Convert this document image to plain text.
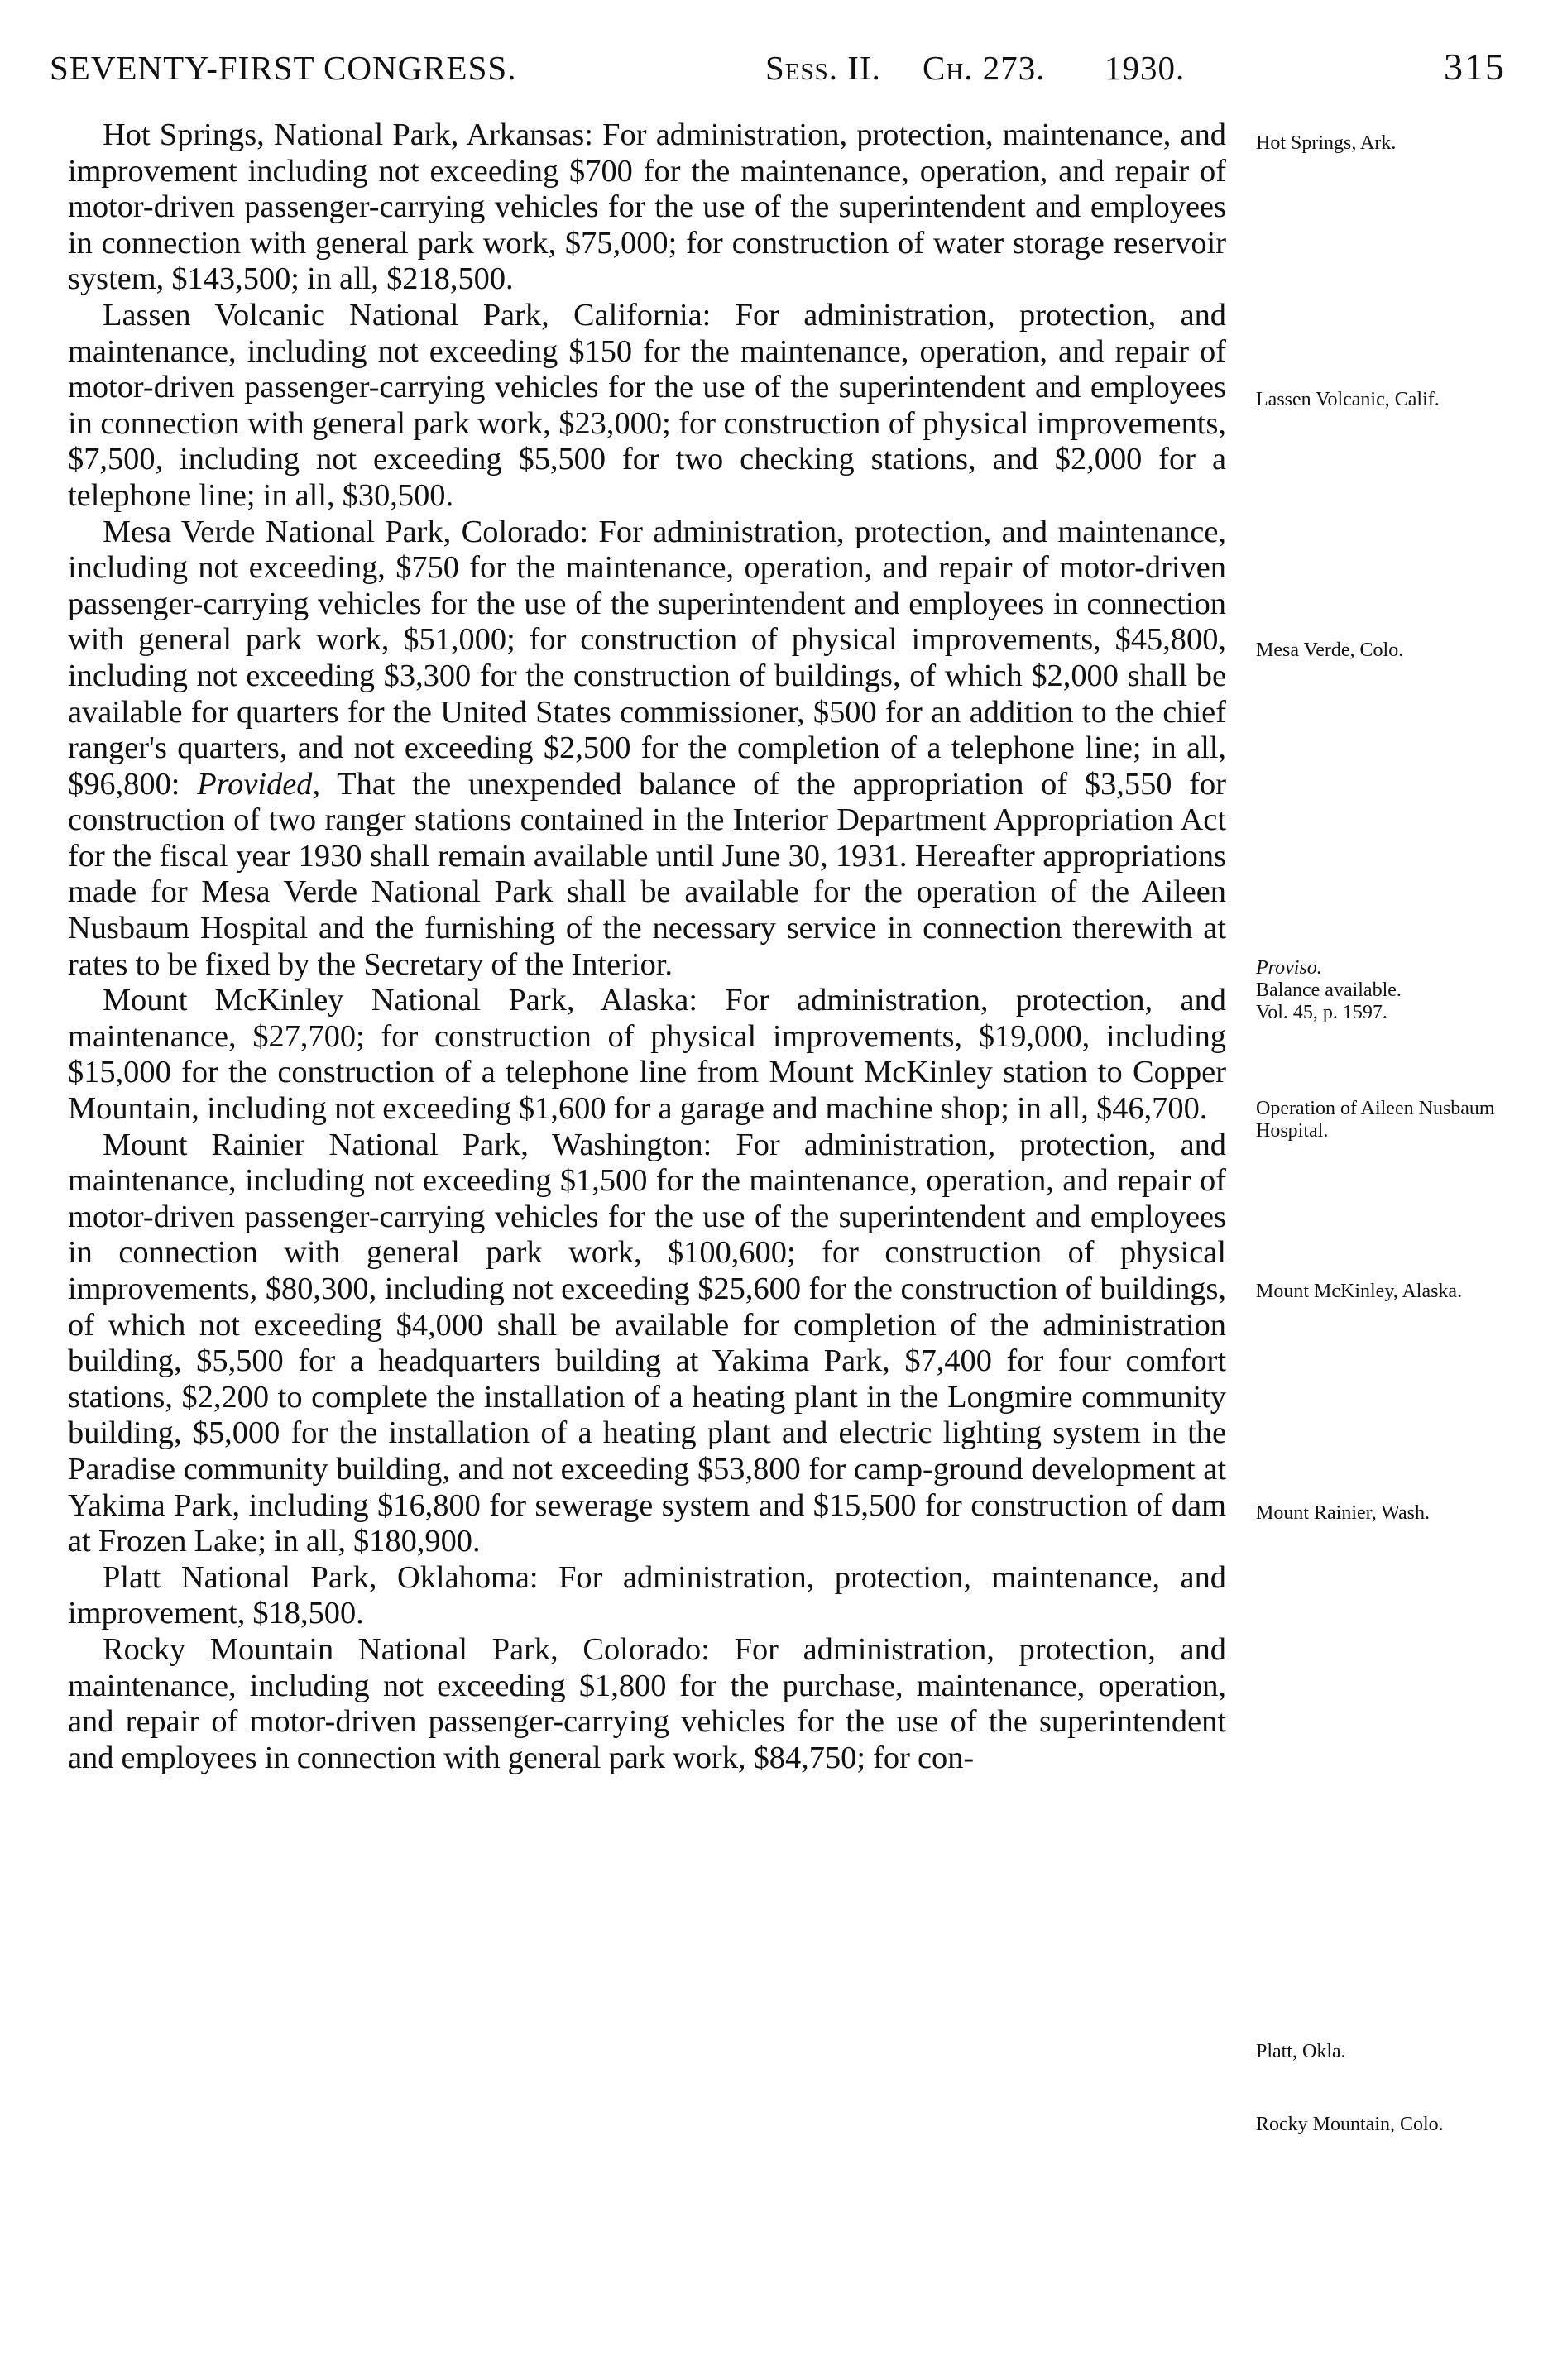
SEVENTY-FIRST CONGRESS.	Sess. II. Ch. 273. 1930.	315

Hot Springs, National Park, Arkansas: For administration, protection, maintenance, and improvement including not exceeding $700 for the maintenance, operation, and repair of motor-driven passenger-carrying vehicles for the use of the superintendent and employees in connection with general park work, $75,000; for construction of water storage reservoir system, $143,500; in all, $218,500.

Lassen Volcanic National Park, California: For administration, protection, and maintenance, including not exceeding $150 for the maintenance, operation, and repair of motor-driven passenger-carrying vehicles for the use of the superintendent and employees in connection with general park work, $23,000; for construction of physical improvements, $7,500, including not exceeding $5,500 for two checking stations, and $2,000 for a telephone line; in all, $30,500.

Mesa Verde National Park, Colorado: For administration, protection, and maintenance, including not exceeding, $750 for the maintenance, operation, and repair of motor-driven passenger-carrying vehicles for the use of the superintendent and employees in connection with general park work, $51,000; for construction of physical improvements, $45,800, including not exceeding $3,300 for the construction of buildings, of which $2,000 shall be available for quarters for the United States commissioner, $500 for an addition to the chief ranger's quarters, and not exceeding $2,500 for the completion of a telephone line; in all, $96,800: Provided, That the unexpended balance of the appropriation of $3,550 for construction of two ranger stations contained in the Interior Department Appropriation Act for the fiscal year 1930 shall remain available until June 30, 1931. Hereafter appropriations made for Mesa Verde National Park shall be available for the operation of the Aileen Nusbaum Hospital and the furnishing of the necessary service in connection therewith at rates to be fixed by the Secretary of the Interior.

Mount McKinley National Park, Alaska: For administration, protection, and maintenance, $27,700; for construction of physical improvements, $19,000, including $15,000 for the construction of a telephone line from Mount McKinley station to Copper Mountain, including not exceeding $1,600 for a garage and machine shop; in all, $46,700.

Mount Rainier National Park, Washington: For administration, protection, and maintenance, including not exceeding $1,500 for the maintenance, operation, and repair of motor-driven passenger-carrying vehicles for the use of the superintendent and employees in connection with general park work, $100,600; for construction of physical improvements, $80,300, including not exceeding $25,600 for the construction of buildings, of which not exceeding $4,000 shall be available for completion of the administration building, $5,500 for a headquarters building at Yakima Park, $7,400 for four comfort stations, $2,200 to complete the installation of a heating plant in the Longmire community building, $5,000 for the installation of a heating plant and electric lighting system in the Paradise community building, and not exceeding $53,800 for camp-ground development at Yakima Park, including $16,800 for sewerage system and $15,500 for construction of dam at Frozen Lake; in all, $180,900.

Platt National Park, Oklahoma: For administration, protection, maintenance, and improvement, $18,500.

Rocky Mountain National Park, Colorado: For administration, protection, and maintenance, including not exceeding $1,800 for the purchase, maintenance, operation, and repair of motor-driven passenger-carrying vehicles for the use of the superintendent and employees in connection with general park work, $84,750; for con-

Hot Springs, Ark.
Lassen Volcanic, Calif.
Mesa Verde, Colo.
Proviso.
Balance available.
Vol. 45, p. 1597.
Operation of Aileen Nusbaum Hospital.
Mount McKinley, Alaska.
Mount Rainier, Wash.
Platt, Okla.
Rocky Mountain, Colo.
